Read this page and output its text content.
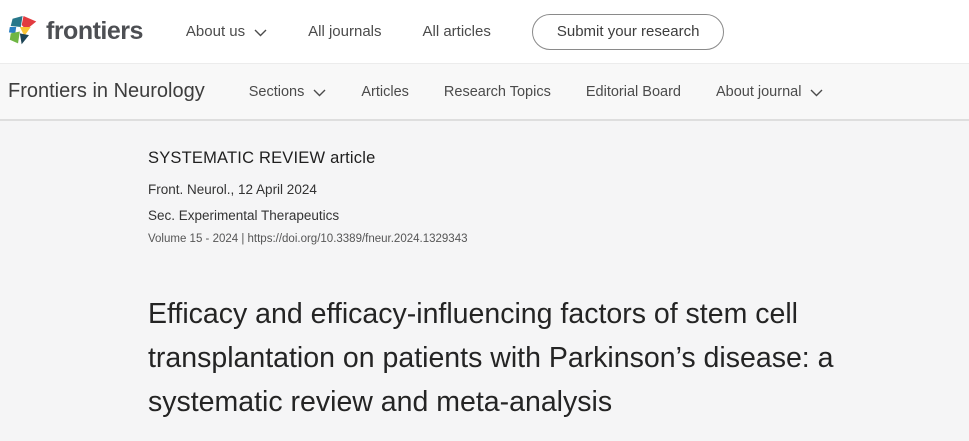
frontiers	About us	All journals	All articles	Submit your research
Frontiers in Neurology	Sections	Articles Research Topics Editorial Board About journal
SYSTEMATIC REVIEW article
Front. Neurol., 12 April 2024
Sec. Experimental Therapeutics
Volume 15 - 2024 | https://doi.org/10.3389/fneur.2024.1329343
Efficacy and efficacy-influencing factors of stem cell transplantation on patients with Parkinson’s disease: a systematic review and meta-analysis
